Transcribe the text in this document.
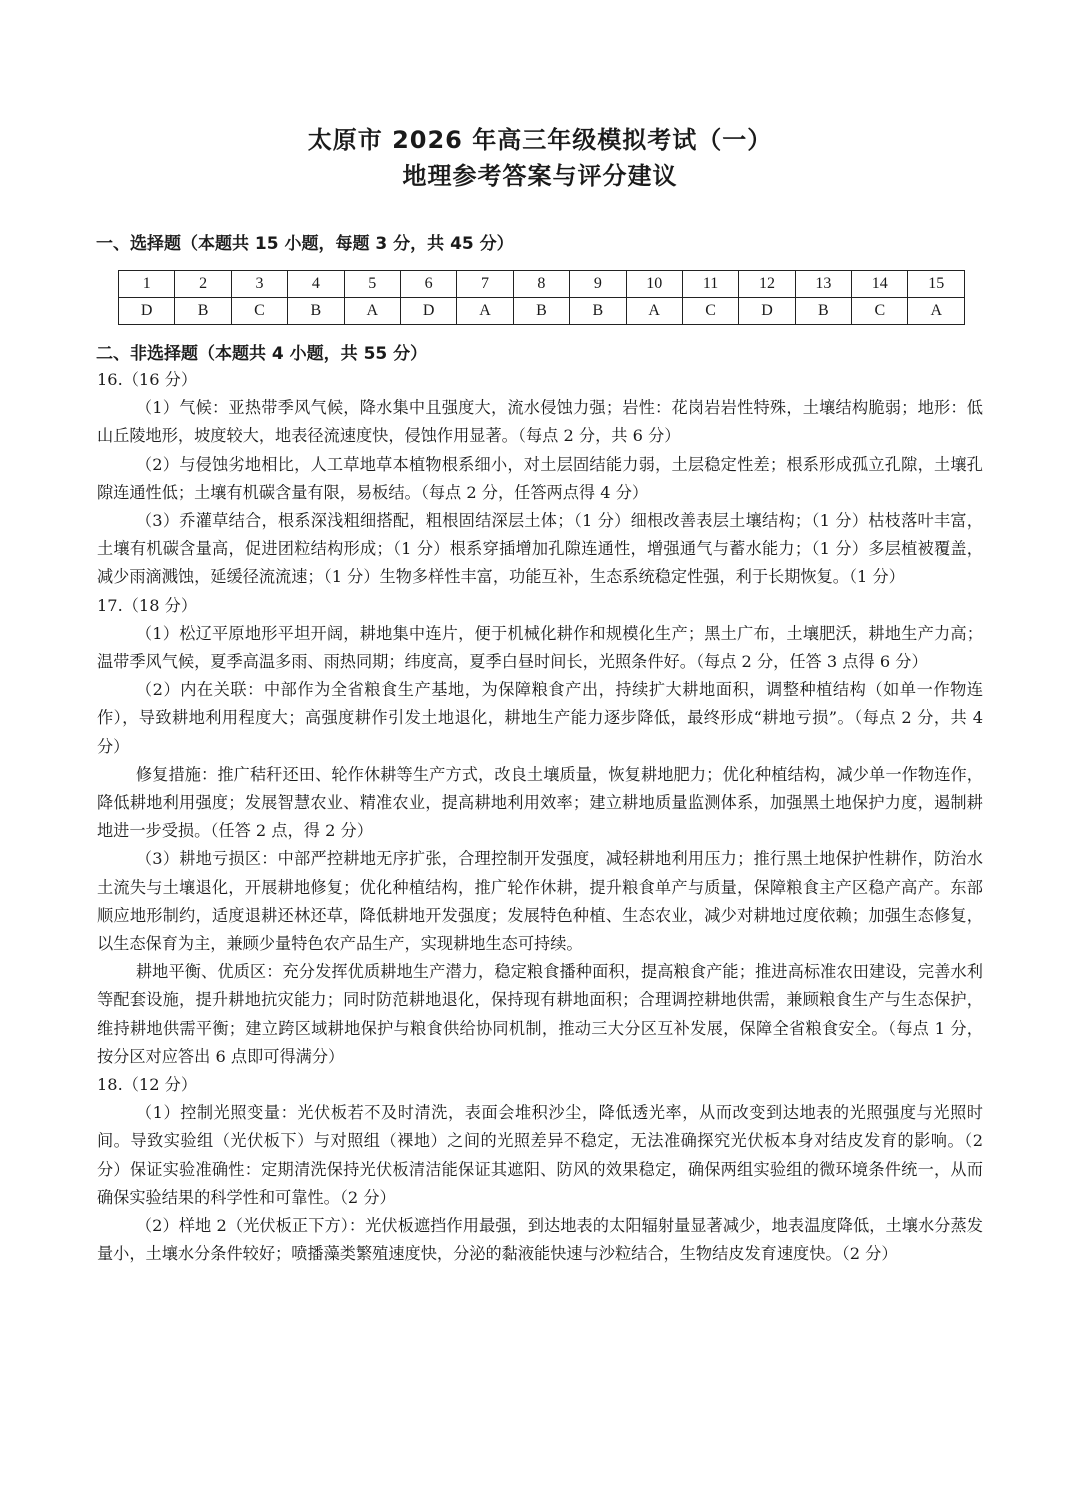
太原市 2026 年高三年级模拟考试（一）
地理参考答案与评分建议
一、选择题（本题共 15 小题，每题 3 分，共 45 分）
1	2	3	4	5	6	7	8	9	10	11	12	13	14	15
D	B	C	B	A	D	A	B	B	A	C	D	B	C	A
二、非选择题（本题共 4 小题，共 55 分）

16.（16 分）

（1）气候：亚热带季风气候，降水集中且强度大，流水侵蚀力强；岩性：花岗岩岩性特殊，土壤结构脆弱；地形：低山丘陵地形，坡度较大，地表径流速度快，侵蚀作用显著。（每点 2 分，共 6 分）

（2）与侵蚀劣地相比，人工草地草本植物根系细小，对土层固结能力弱，土层稳定性差；根系形成孤立孔隙，土壤孔隙连通性低；土壤有机碳含量有限，易板结。（每点 2 分，任答两点得 4 分）

（3）乔灌草结合，根系深浅粗细搭配，粗根固结深层土体；（1 分）细根改善表层土壤结构；（1 分）枯枝落叶丰富，土壤有机碳含量高，促进团粒结构形成；（1 分）根系穿插增加孔隙连通性，增强通气与蓄水能力；（1 分）多层植被覆盖，减少雨滴溅蚀，延缓径流流速；（1 分）生物多样性丰富，功能互补，生态系统稳定性强，利于长期恢复。（1 分）

17.（18 分）

（1）松辽平原地形平坦开阔，耕地集中连片，便于机械化耕作和规模化生产；黑土广布，土壤肥沃，耕地生产力高；温带季风气候，夏季高温多雨、雨热同期；纬度高，夏季白昼时间长，光照条件好。（每点 2 分，任答 3 点得 6 分）

（2）内在关联：中部作为全省粮食生产基地，为保障粮食产出，持续扩大耕地面积，调整种植结构（如单一作物连作），导致耕地利用程度大；高强度耕作引发土地退化，耕地生产能力逐步降低，最终形成“耕地亏损”。（每点 2 分，共 4 分）

修复措施：推广秸秆还田、轮作休耕等生产方式，改良土壤质量，恢复耕地肥力；优化种植结构，减少单一作物连作，降低耕地利用强度；发展智慧农业、精准农业，提高耕地利用效率；建立耕地质量监测体系，加强黑土地保护力度，遏制耕地进一步受损。（任答 2 点，得 2 分）

（3）耕地亏损区：中部严控耕地无序扩张，合理控制开发强度，减轻耕地利用压力；推行黑土地保护性耕作，防治水土流失与土壤退化，开展耕地修复；优化种植结构，推广轮作休耕，提升粮食单产与质量，保障粮食主产区稳产高产。东部顺应地形制约，适度退耕还林还草，降低耕地开发强度；发展特色种植、生态农业，减少对耕地过度依赖；加强生态修复，以生态保育为主，兼顾少量特色农产品生产，实现耕地生态可持续。

耕地平衡、优质区：充分发挥优质耕地生产潜力，稳定粮食播种面积，提高粮食产能；推进高标准农田建设，完善水利等配套设施，提升耕地抗灾能力；同时防范耕地退化，保持现有耕地面积；合理调控耕地供需，兼顾粮食生产与生态保护，维持耕地供需平衡；建立跨区域耕地保护与粮食供给协同机制，推动三大分区互补发展，保障全省粮食安全。（每点 1 分，按分区对应答出 6 点即可得满分）

18.（12 分）

（1）控制光照变量：光伏板若不及时清洗，表面会堆积沙尘，降低透光率，从而改变到达地表的光照强度与光照时间。导致实验组（光伏板下）与对照组（裸地）之间的光照差异不稳定，无法准确探究光伏板本身对结皮发育的影响。（2 分）保证实验准确性：定期清洗保持光伏板清洁能保证其遮阳、防风的效果稳定，确保两组实验组的微环境条件统一，从而确保实验结果的科学性和可靠性。（2 分）

（2）样地 2（光伏板正下方）：光伏板遮挡作用最强，到达地表的太阳辐射量显著减少，地表温度降低，土壤水分蒸发量小，土壤水分条件较好；喷播藻类繁殖速度快，分泌的黏液能快速与沙粒结合，生物结皮发育速度快。（2 分）
